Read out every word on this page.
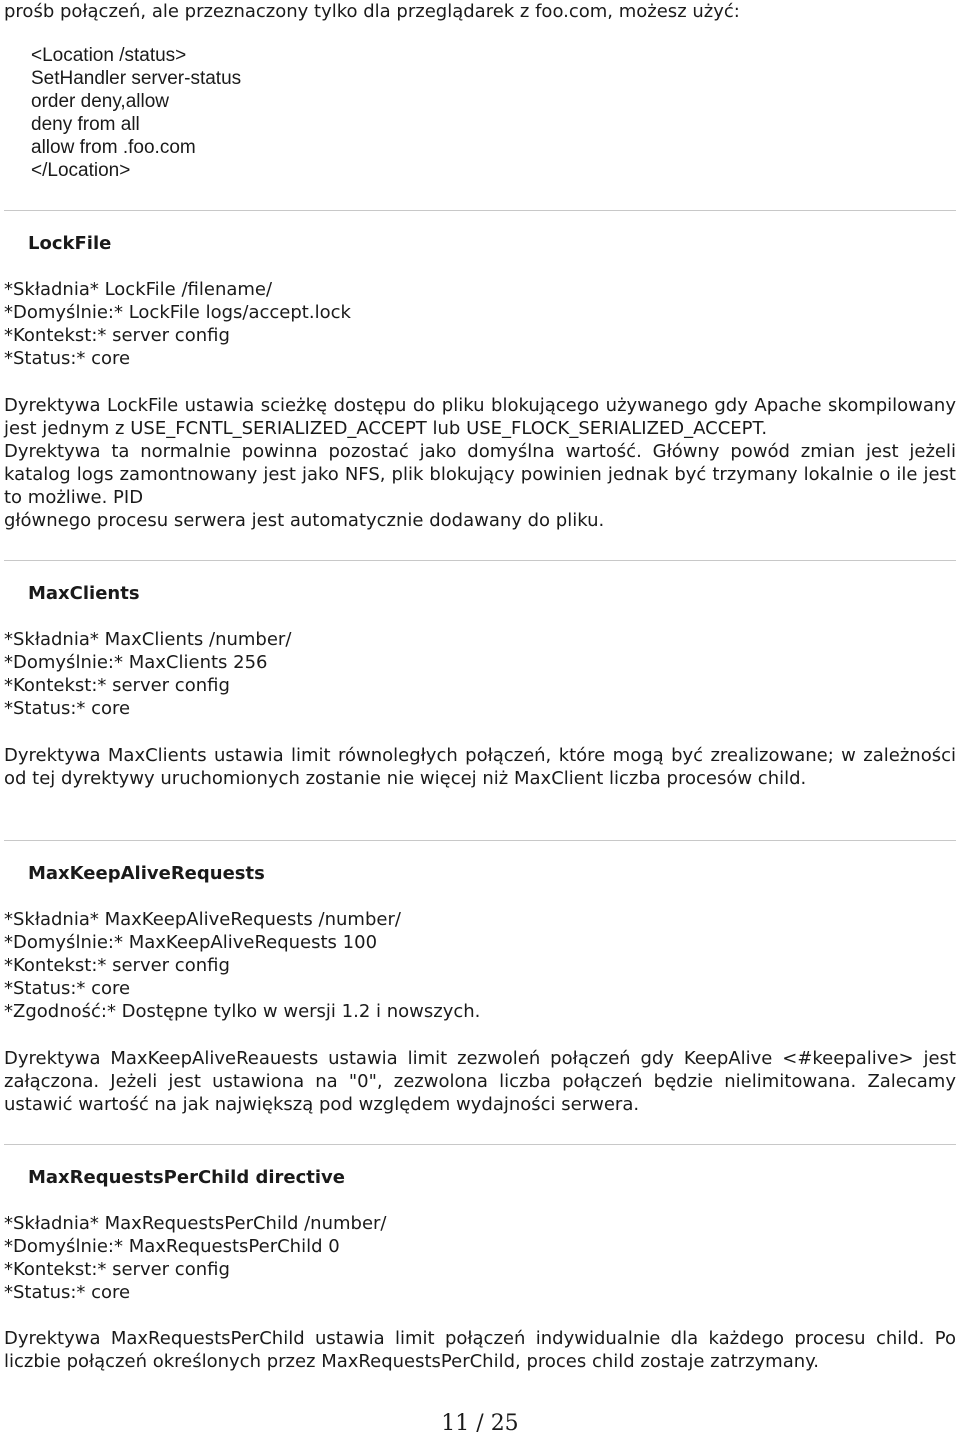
prośb połączeń, ale przeznaczony tylko dla przeglądarek z foo.com, możesz użyć:
<Location /status>
SetHandler server-status
order deny,allow
deny from all
allow from .foo.com
</Location>
LockFile
*Składnia* LockFile /filename/
*Domyślnie:* LockFile logs/accept.lock
*Kontekst:* server config
*Status:* core
Dyrektywa LockFile ustawia scieżkę dostępu do pliku blokującego używanego gdy Apache skompilowany jest jednym z USE_FCNTL_SERIALIZED_ACCEPT lub USE_FLOCK_SERIALIZED_ACCEPT.
Dyrektywa ta normalnie powinna pozostać jako domyślna wartość. Główny powód zmian jest jeżeli katalog logs zamontnowany jest jako NFS, plik blokujący powinien jednak być trzymany lokalnie o ile jest to możliwe. PID
głównego procesu serwera jest automatycznie dodawany do pliku.
MaxClients
*Składnia* MaxClients /number/
*Domyślnie:* MaxClients 256
*Kontekst:* server config
*Status:* core
Dyrektywa MaxClients ustawia limit równoległych połączeń, które mogą być zrealizowane; w zależności od tej dyrektywy uruchomionych zostanie nie więcej niż MaxClient liczba procesów child.
MaxKeepAliveRequests
*Składnia* MaxKeepAliveRequests /number/
*Domyślnie:* MaxKeepAliveRequests 100
*Kontekst:* server config
*Status:* core
*Zgodność:* Dostępne tylko w wersji 1.2 i nowszych.
Dyrektywa MaxKeepAliveReauests ustawia limit zezwoleń połączeń gdy KeepAlive <#keepalive> jest załączona. Jeżeli jest ustawiona na "0", zezwolona liczba połączeń będzie nielimitowana. Zalecamy ustawić wartość na jak największą pod względem wydajności serwera.
MaxRequestsPerChild directive
*Składnia* MaxRequestsPerChild /number/
*Domyślnie:* MaxRequestsPerChild 0
*Kontekst:* server config
*Status:* core
Dyrektywa MaxRequestsPerChild ustawia limit połączeń indywidualnie dla każdego procesu child. Po liczbie połączeń określonych przez MaxRequestsPerChild, proces child zostaje zatrzymany.
11 / 25
